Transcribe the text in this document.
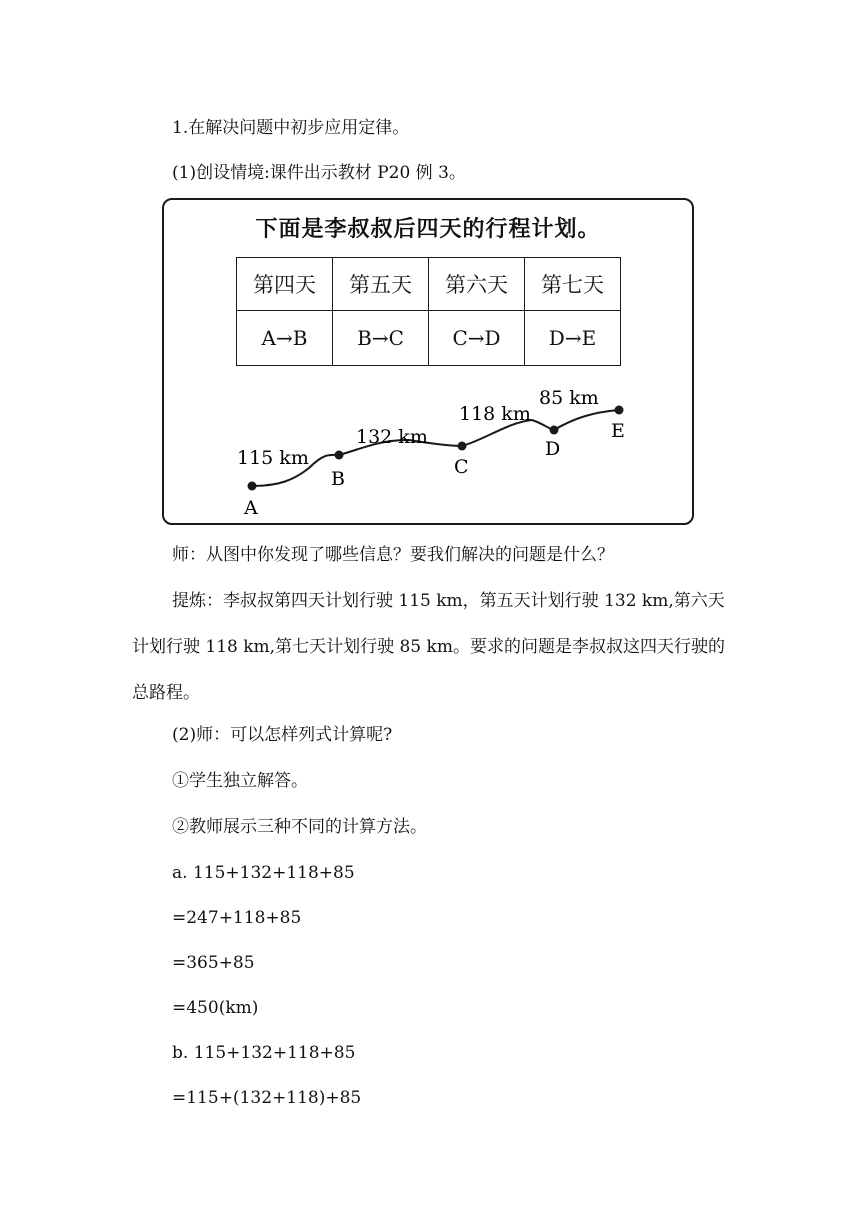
1.在解决问题中初步应用定律。
(1)创设情境:课件出示教材 P20 例 3。
下面是李叔叔后四天的行程计划。
第四天	第五天	第六天	第七天
A→B	B→C	C→D	D→E
A
B
C
D
E
115 km
132 km
118 km
85 km
师：从图中你发现了哪些信息？要我们解决的问题是什么？
提炼：李叔叔第四天计划行驶 115 km，第五天计划行驶 132 km,第六天计划行驶 118 km,第七天计划行驶 85 km。要求的问题是李叔叔这四天行驶的总路程。
(2)师：可以怎样列式计算呢?
①学生独立解答。
②教师展示三种不同的计算方法。
a. 115+132+118+85
=247+118+85
=365+85
=450(km)
b. 115+132+118+85
=115+(132+118)+85
